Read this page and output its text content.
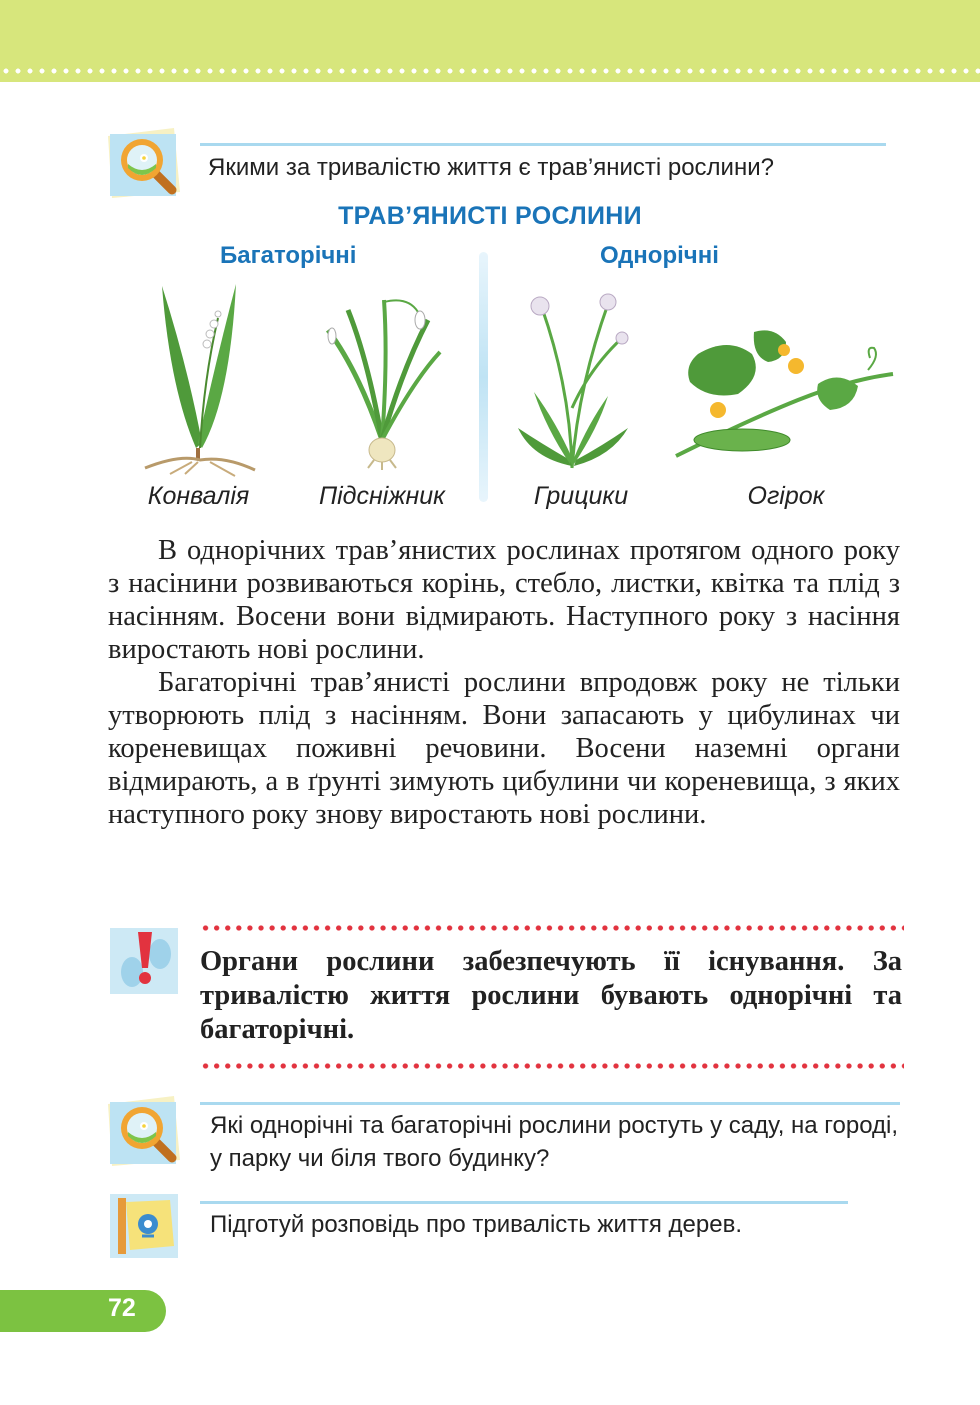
Якими за тривалістю життя є трав’янисті рослини?
ТРАВ’ЯНИСТІ РОСЛИНИ
Багаторічні	Однорічні
Конвалія	Підсніжник	Грицики	Огірок

В однорічних трав’янистих рослинах протягом одного року з насінини розвиваються корінь, стебло, листки, квітка та плід з насінням. Восени вони відмирають. Наступного року з насіння виростають нові рослини.

Багаторічні трав’янисті рослини впродовж року не тільки утворюють плід з насінням. Вони запасають у цибулинах чи кореневищах поживні речовини. Восени наземні органи відмирають, а в ґрунті зимують цибулини чи кореневища, з яких наступного року знову виростають нові рослини.

Органи рослини забезпечують її існування. За тривалістю життя рослини бувають однорічні та багаторічні.
Які однорічні та багаторічні рослини ростуть у саду, на городі, у парку чи біля твого будинку?
Підготуй розповідь про тривалість життя дерев.
72
